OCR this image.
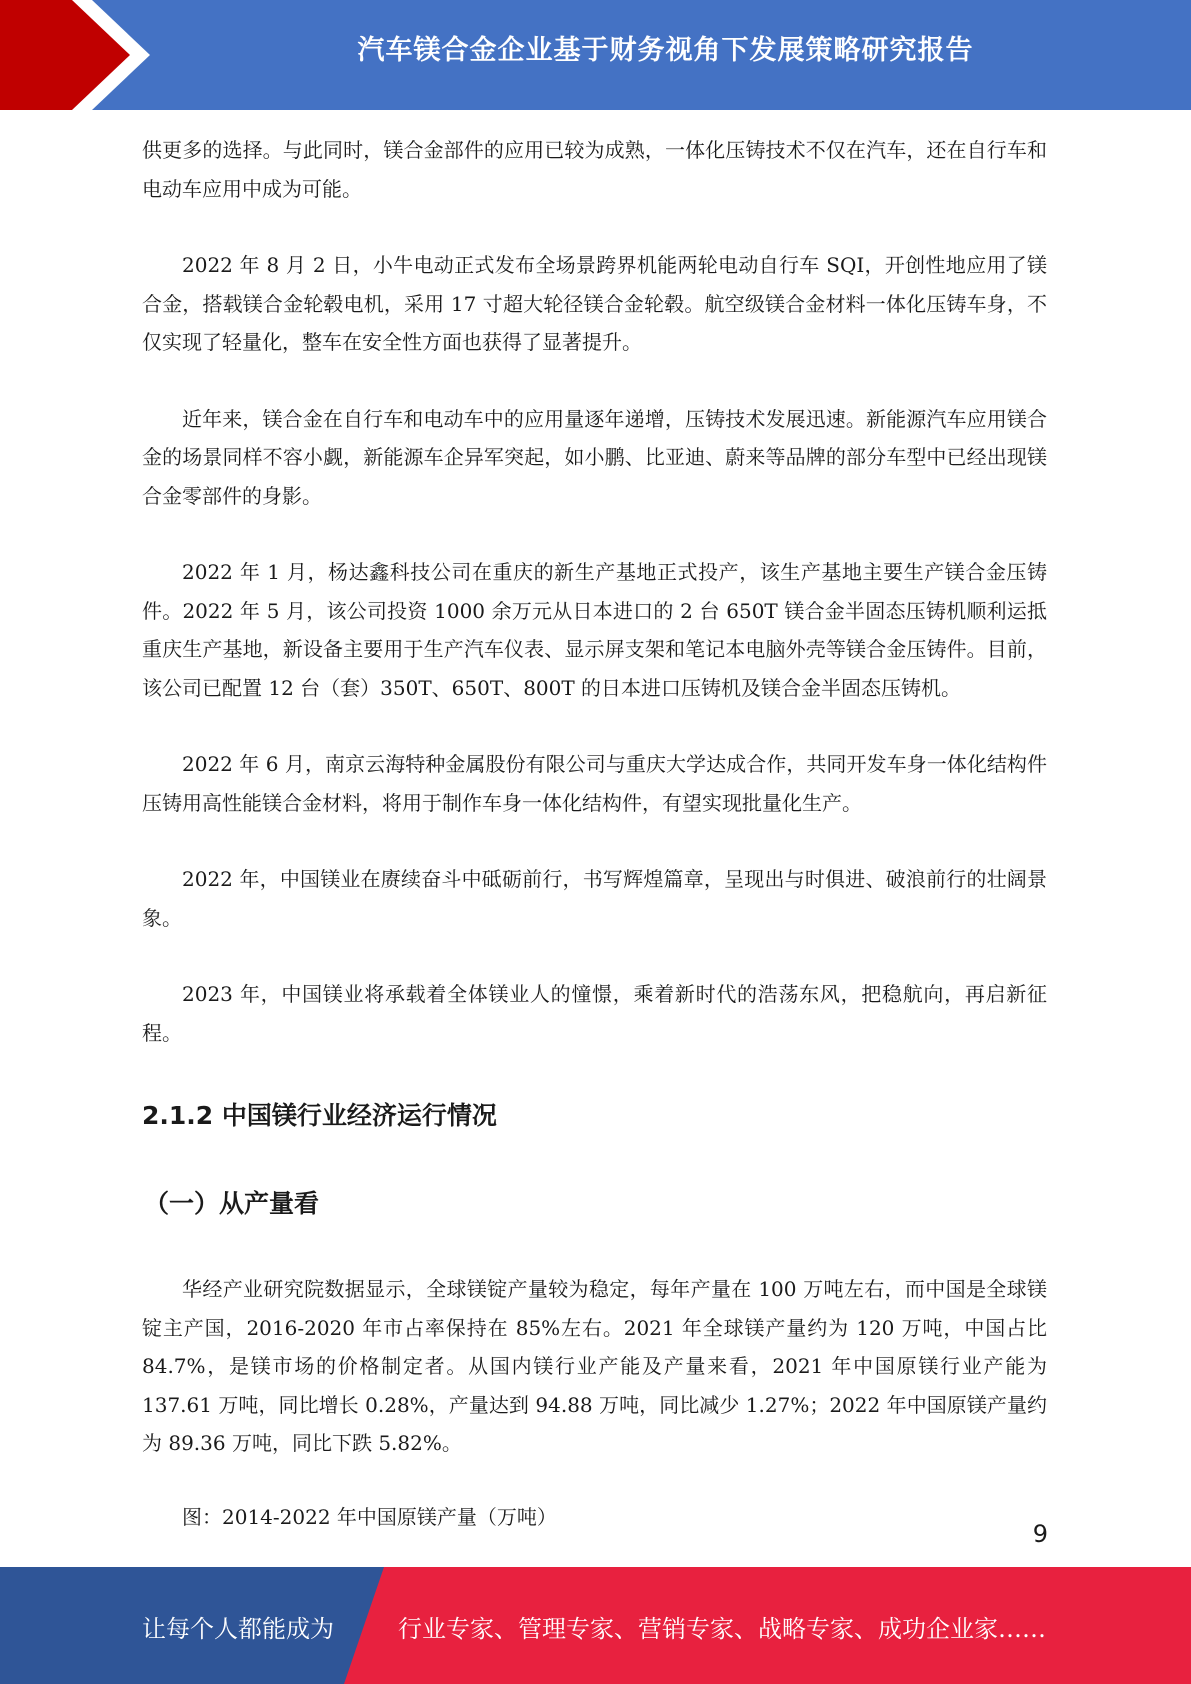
汽车镁合金企业基于财务视角下发展策略研究报告

供更多的选择。与此同时，镁合金部件的应用已较为成熟，一体化压铸技术不仅在汽车，还在自行车和电动车应用中成为可能。

2022 年 8 月 2 日，小牛电动正式发布全场景跨界机能两轮电动自行车 SQI，开创性地应用了镁合金，搭载镁合金轮毂电机，采用 17 寸超大轮径镁合金轮毂。航空级镁合金材料一体化压铸车身，不仅实现了轻量化，整车在安全性方面也获得了显著提升。

近年来，镁合金在自行车和电动车中的应用量逐年递增，压铸技术发展迅速。新能源汽车应用镁合金的场景同样不容小觑，新能源车企异军突起，如小鹏、比亚迪、蔚来等品牌的部分车型中已经出现镁合金零部件的身影。

2022 年 1 月，杨达鑫科技公司在重庆的新生产基地正式投产，该生产基地主要生产镁合金压铸件。2022 年 5 月，该公司投资 1000 余万元从日本进口的 2 台 650T 镁合金半固态压铸机顺利运抵重庆生产基地，新设备主要用于生产汽车仪表、显示屏支架和笔记本电脑外壳等镁合金压铸件。目前，该公司已配置 12 台（套）350T、650T、800T 的日本进口压铸机及镁合金半固态压铸机。

2022 年 6 月，南京云海特种金属股份有限公司与重庆大学达成合作，共同开发车身一体化结构件压铸用高性能镁合金材料，将用于制作车身一体化结构件，有望实现批量化生产。

2022 年，中国镁业在赓续奋斗中砥砺前行，书写辉煌篇章，呈现出与时俱进、破浪前行的壮阔景象。

2023 年，中国镁业将承载着全体镁业人的憧憬，乘着新时代的浩荡东风，把稳航向，再启新征程。

2.1.2 中国镁行业经济运行情况
（一）从产量看

华经产业研究院数据显示，全球镁锭产量较为稳定，每年产量在 100 万吨左右，而中国是全球镁锭主产国，2016-2020 年市占率保持在 85%左右。2021 年全球镁产量约为 120 万吨，中国占比 84.7%，是镁市场的价格制定者。从国内镁行业产能及产量来看，2021 年中国原镁行业产能为 137.61 万吨，同比增长 0.28%，产量达到 94.88 万吨，同比减少 1.27%；2022 年中国原镁产量约为 89.36 万吨，同比下跌 5.82%。

图：2014-2022 年中国原镁产量（万吨）

9
让每个人都能成为	行业专家、管理专家、营销专家、战略专家、成功企业家……
